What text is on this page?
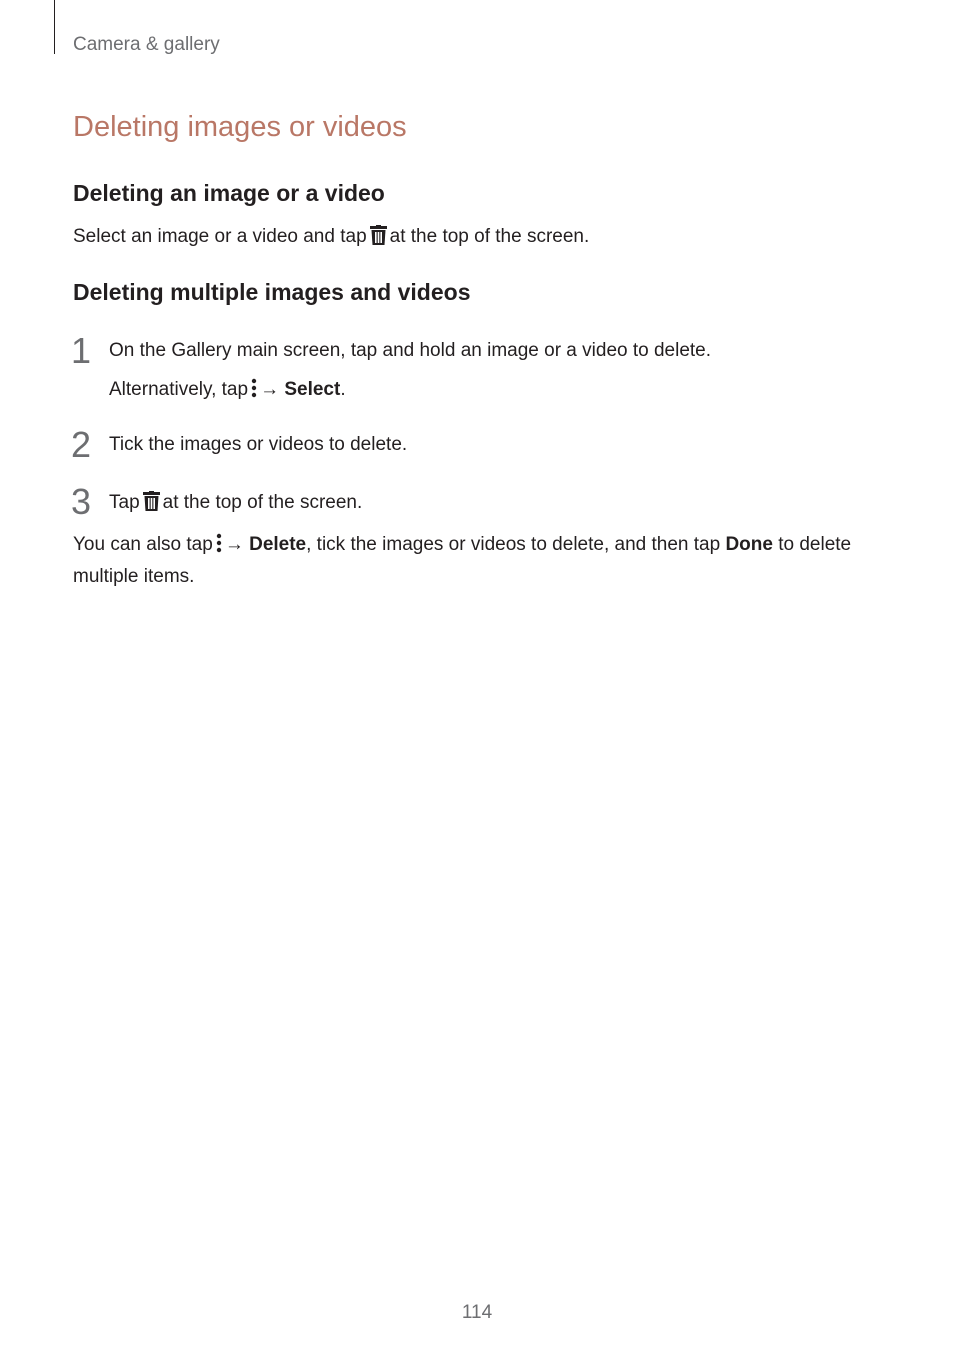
Camera & gallery
Deleting images or videos
Deleting an image or a video
Select an image or a video and tap at the top of the screen.
Deleting multiple images and videos
1 On the Gallery main screen, tap and hold an image or a video to delete.
Alternatively, tap → Select.
2 Tick the images or videos to delete.
3 Tap at the top of the screen.
You can also tap → Delete, tick the images or videos to delete, and then tap Done to delete multiple items.
114
